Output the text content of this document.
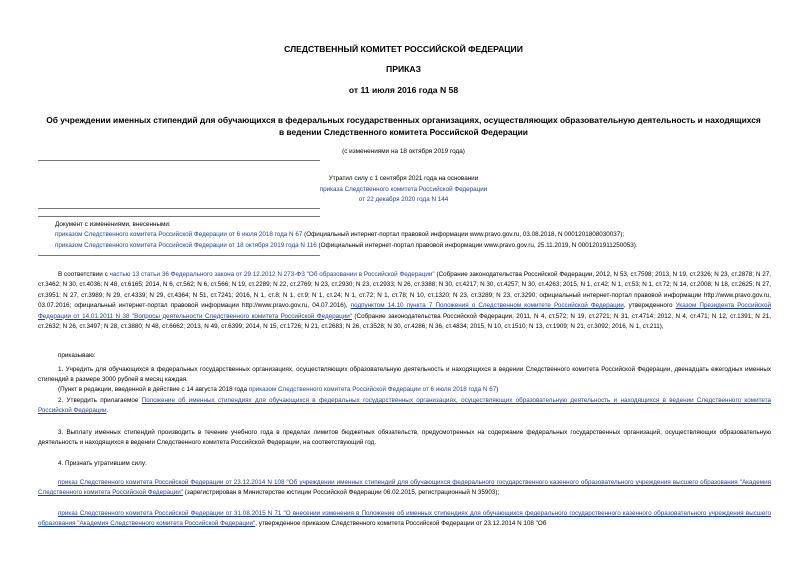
СЛЕДСТВЕННЫЙ КОМИТЕТ РОССИЙСКОЙ ФЕДЕРАЦИИ
ПРИКАЗ
от 11 июля 2016 года N 58
Об учреждении именных стипендий для обучающихся в федеральных государственных организациях, осуществляющих образовательную деятельность и находящихся в ведении Следственного комитета Российской Федерации
(с изменениями на 18 октября 2019 года)
Утратил силу с 1 сентября 2021 года на основании
приказа Следственного комитета Российской Федерации
от 22 декабря 2020 года N 144
Документ с изменениями, внесенными:
приказом Следственного комитета Российской Федерации от 6 июля 2018 года N 67 (Официальный интернет-портал правовой информации www.pravo.gov.ru, 03.08.2018, N 0001201808030037);
приказом Следственного комитета Российской Федерации от 18 октября 2019 года N 116 (Официальный интернет-портал правовой информации www.pravo.gov.ru, 25.11.2019, N 0001201911250053).
В соответствии с частью 13 статьи 36 Федерального закона от 29.12.2012 N 273-ФЗ "Об образовании в Российской Федерации" (Собрание законодательства Российской Федерации, 2012, N 53, ст.7598; 2013, N 19, ст.2326; N 23, ст.2878; N 27, ст.3462; N 30, ст.4036; N 48, ст.6165; 2014, N 6, ст.562; N 6, ст.566; N 19, ст.2289; N 22, ст.2769; N 23, ст.2930; N 23, ст.2933; N 26, ст.3388; N 30, ст.4217; N 30, ст.4257; N 30, ст.4263; 2015, N 1, ст.42; N 1, ст.53; N 1, ст.72; N 14, ст.2008; N 18, ст.2625; N 27, ст.3951; N 27, ст.3989; N 29, ст.4339; N 29, ст.4364; N 51, ст.7241; 2016, N 1, ст.8; N 1, ст.9; N 1, ст.24; N 1, ст.72; N 1, ст.78; N 10, ст.1320; N 23, ст.3289; N 23, ст.3290; официальный интернет-портал правовой информации http://www.pravo.gov.ru, 03.07.2016; официальный интернет-портал правовой информации http://www.pravo.gov.ru, 04.07.2016), подпунктом 14.10 пункта 7 Положения о Следственном комитете Российской Федерации, утвержденного Указом Президента Российской Федерации от 14.01.2011 N 38 "Вопросы деятельности Следственного комитета Российской Федерации" (Собрание законодательства Российской Федерации, 2011, N 4, ст.572; N 19, ст.2721; N 31, ст.4714; 2012, N 4, ст.471; N 12, ст.1391; N 21, ст.2632; N 26, ст.3497; N 28, ст.3880; N 48, ст.6662; 2013, N 49, ст.6399; 2014, N 15, ст.1726; N 21, ст.2683; N 26, ст.3528; N 30, ст.4286; N 36, ст.4834; 2015, N 10, ст.1510; N 13, ст.1909; N 21, ст.3092; 2016, N 1, ст.211),
приказываю:
1. Учредить для обучающихся в федеральных государственных организациях, осуществляющих образовательную деятельность и находящихся в ведении Следственного комитета Российской Федерации, двенадцать ежегодных именных стипендий в размере 3000 рублей в месяц каждая.
(Пункт в редакции, введенной в действие с 14 августа 2018 года приказом Следственного комитета Российской Федерации от 6 июля 2018 года N 67)
2. Утвердить прилагаемое Положение об именных стипендиях для обучающихся в федеральных государственных организациях, осуществляющих образовательную деятельность и находящихся в ведении Следственного комитета Российской Федерации.
3. Выплату именных стипендий производить в течение учебного года в пределах лимитов бюджетных обязательств, предусмотренных на содержание федеральных государственных организаций, осуществляющих образовательную деятельность и находящихся в ведении Следственного комитета Российской Федерации, на соответствующий год.
4. Признать утратившим силу:
приказ Следственного комитета Российской Федерации от 23.12.2014 N 108 "Об учреждении именных стипендий для обучающихся федерального государственного казенного образовательного учреждения высшего образования "Академия Следственного комитета Российской Федерации" (зарегистрирован в Министерстве юстиции Российской Федерации 06.02.2015, регистрационный N 35903);
приказ Следственного комитета Российской Федерации от 31.08.2015 N 71 "О внесении изменения в Положение об именных стипендиях для обучающихся федерального государственного казенного образовательного учреждения высшего образования "Академия Следственного комитета Российской Федерации", утвержденное приказом Следственного комитета Российской Федерации от 23.12.2014 N 108 "Об
